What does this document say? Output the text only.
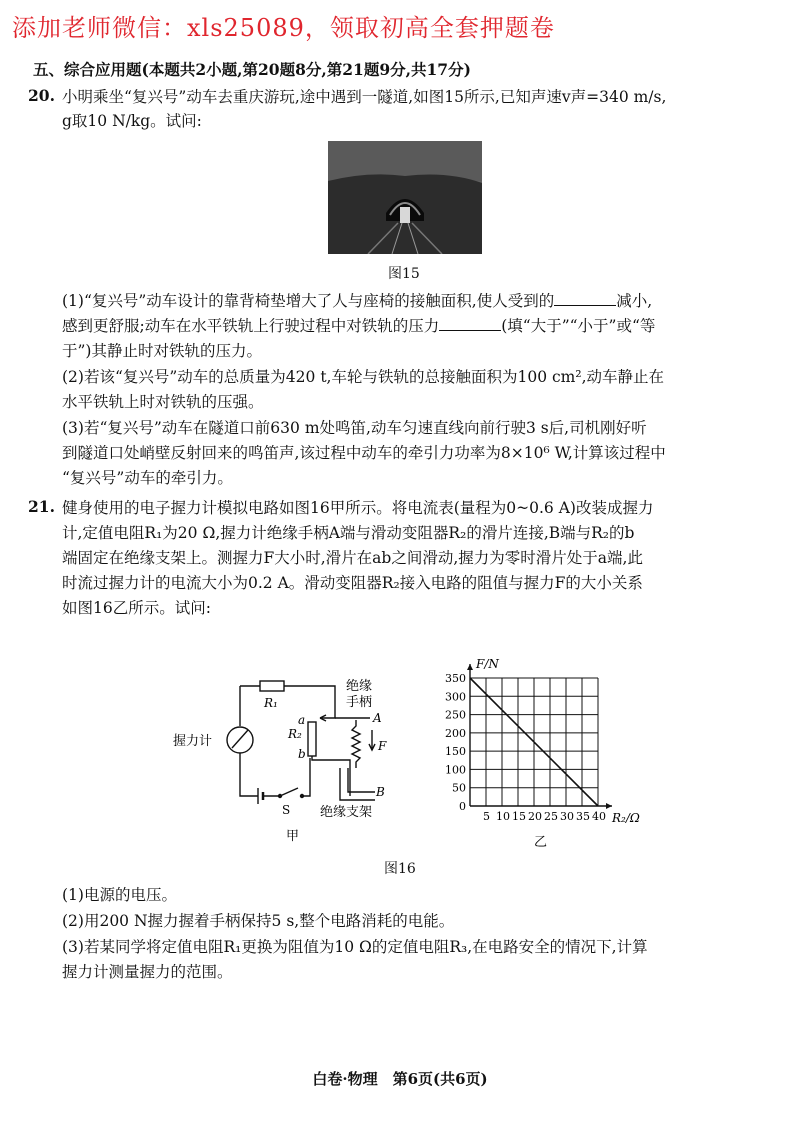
添加老师微信：xls25089，领取初高全套押题卷
五、综合应用题(本题共2小题,第20题8分,第21题9分,共17分)
20. 小明乘坐“复兴号”动车去重庆游玩,途中遇到一隧道,如图15所示,已知声速v声=340 m/s,
g取10 N/kg。试问:
图15
(1)“复兴号”动车设计的靠背椅垫增大了人与座椅的接触面积,使人受到的	减小,
感到更舒服;动车在水平铁轨上行驶过程中对铁轨的压力	(填“大于”“小于”或“等
于”)其静止时对铁轨的压力。
(2)若该“复兴号”动车的总质量为420 t,车轮与铁轨的总接触面积为100 cm²,动车静止在
水平铁轨上时对铁轨的压强。
(3)若“复兴号”动车在隧道口前630 m处鸣笛,动车匀速直线向前行驶3 s后,司机刚好听
到隧道口处峭壁反射回来的鸣笛声,该过程中动车的牵引力功率为8×10⁶ W,计算该过程中
“复兴号”动车的牵引力。
21. 健身使用的电子握力计模拟电路如图16甲所示。将电流表(量程为0~0.6 A)改装成握力
计,定值电阻R₁为20 Ω,握力计绝缘手柄A端与滑动变阻器R₂的滑片连接,B端与R₂的b
端固定在绝缘支架上。测握力F大小时,滑片在ab之间滑动,握力为零时滑片处于a端,此
时流过握力计的电流大小为0.2 A。滑动变阻器R₂接入电路的阻值与握力F的大小关系
如图16乙所示。试问:
R₁
握力计	R₂
a
b
A
B
F
S
绝缘
手柄
绝缘支架
甲
5 10 15 20 25 30 35 40
0
50
100
150
200
250
300
350
F/N
R₂/Ω
乙
图16
(1)电源的电压。
(2)用200 N握力握着手柄保持5 s,整个电路消耗的电能。
(3)若某同学将定值电阻R₁更换为阻值为10 Ω的定值电阻R₃,在电路安全的情况下,计算
握力计测量握力的范围。
白卷·物理　第6页(共6页)
